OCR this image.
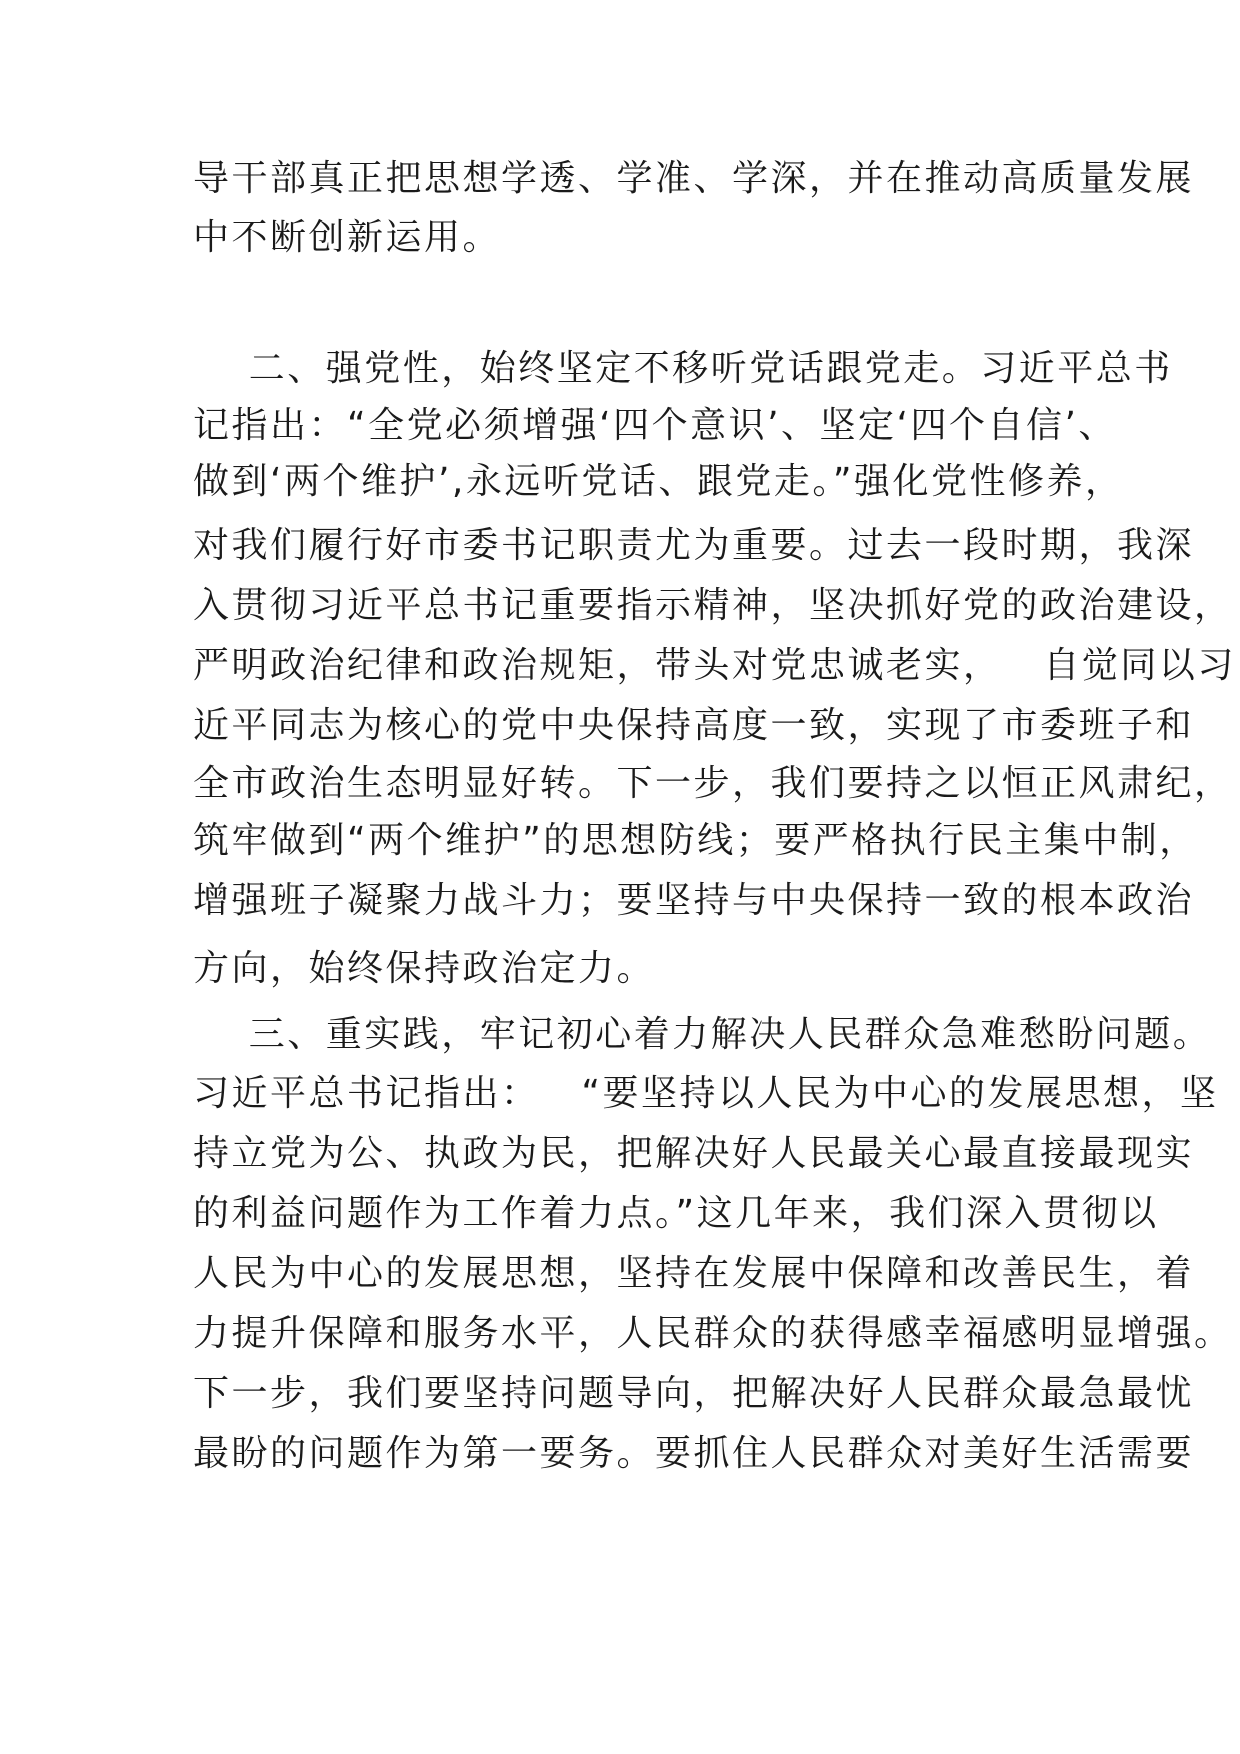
导干部真正把思想学透、学准、学深，并在推动高质量发展
中不断创新运用。
二、强党性，始终坚定不移听党话跟党走。习近平总书
记指出：“全党必须增强‘四个意识’、坚定‘四个自信’、
做到‘两个维护’,永远听党话、跟党走。”强化党性修养，
对我们履行好市委书记职责尤为重要。过去一段时期，我深
入贯彻习近平总书记重要指示精神，坚决抓好党的政治建设，
严明政治纪律和政治规矩，带头对党忠诚老实，   自觉同以习
近平同志为核心的党中央保持高度一致，实现了市委班子和
全市政治生态明显好转。下一步，我们要持之以恒正风肃纪，
筑牢做到“两个维护”的思想防线；要严格执行民主集中制，
增强班子凝聚力战斗力；要坚持与中央保持一致的根本政治
方向，始终保持政治定力。
三、重实践，牢记初心着力解决人民群众急难愁盼问题。
习近平总书记指出：   “要坚持以人民为中心的发展思想，坚
持立党为公、执政为民，把解决好人民最关心最直接最现实
的利益问题作为工作着力点。”这几年来，我们深入贯彻以
人民为中心的发展思想，坚持在发展中保障和改善民生，着
力提升保障和服务水平，人民群众的获得感幸福感明显增强。
下一步，我们要坚持问题导向，把解决好人民群众最急最忧
最盼的问题作为第一要务。要抓住人民群众对美好生活需要
